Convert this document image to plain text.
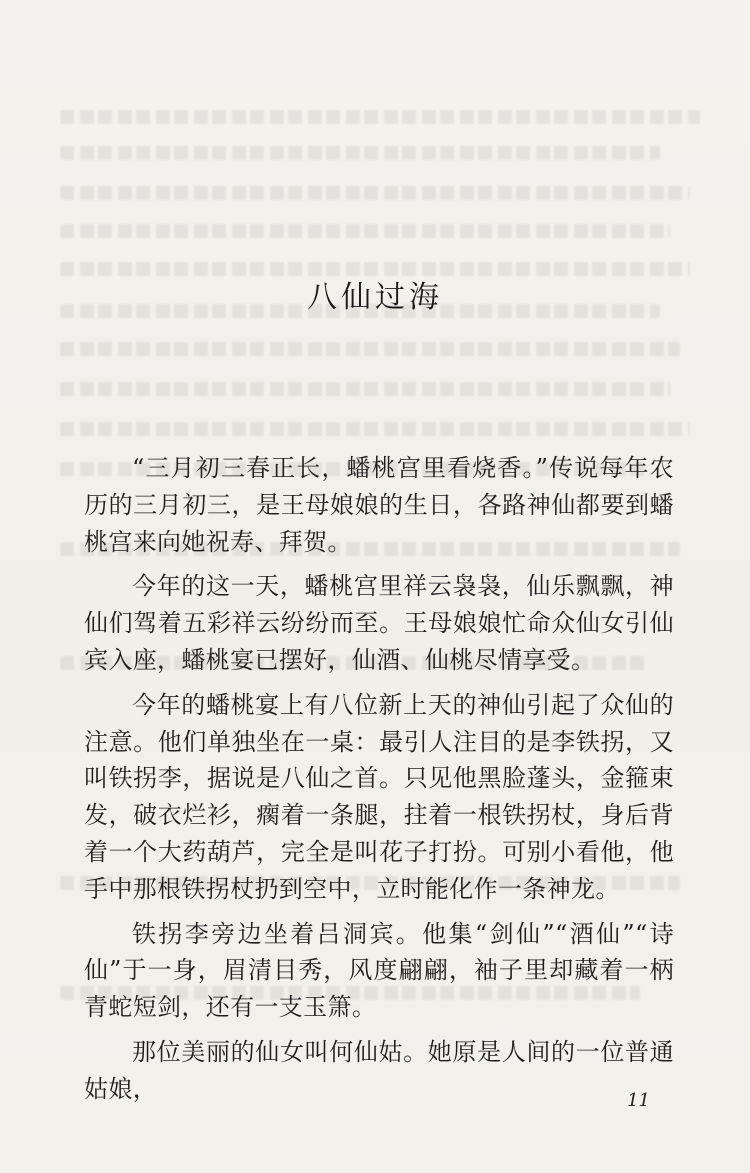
八仙过海

“三月初三春正长，蟠桃宫里看烧香。”传说每年农历的三月初三，是王母娘娘的生日，各路神仙都要到蟠桃宫来向她祝寿、拜贺。

今年的这一天，蟠桃宫里祥云袅袅，仙乐飘飘，神仙们驾着五彩祥云纷纷而至。王母娘娘忙命众仙女引仙宾入座，蟠桃宴已摆好，仙酒、仙桃尽情享受。

今年的蟠桃宴上有八位新上天的神仙引起了众仙的注意。他们单独坐在一桌：最引人注目的是李铁拐，又叫铁拐李，据说是八仙之首。只见他黑脸蓬头，金箍束发，破衣烂衫，瘸着一条腿，拄着一根铁拐杖，身后背着一个大药葫芦，完全是叫花子打扮。可别小看他，他手中那根铁拐杖扔到空中，立时能化作一条神龙。

铁拐李旁边坐着吕洞宾。他集“剑仙”“酒仙”“诗仙”于一身，眉清目秀，风度翩翩，袖子里却藏着一柄青蛇短剑，还有一支玉箫。

那位美丽的仙女叫何仙姑。她原是人间的一位普通姑娘，	11
